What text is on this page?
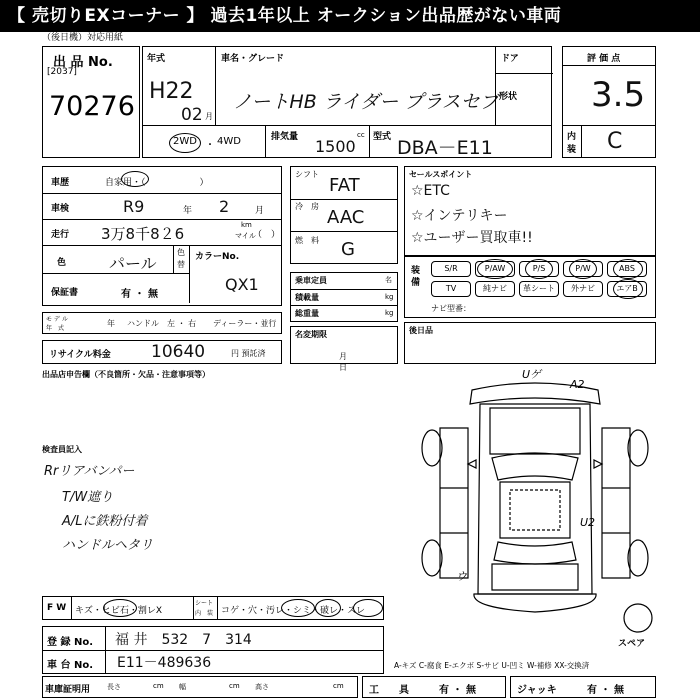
【 売切りEXコーナー 】 過去1年以上 オークション出品歴がない車両
（後日機）対応用紙
出 品 No.
[2037]
70276
年式
H22
02 月
車名・グレード
ノートHB ライダー プラスセブ
ドア
形状
2WD ・ 4WD	排気量 1500
cc 型式 DBA－E11
評 価 点
3.5
内
装 C
車歴	自家用・（　　　　　　）
車検	R9	年 2	月
走行 3万8千8２6	km
マイル
（　）
色	パール
色
替
カラーNo.
QX1
保証書	有 ・ 無
モ デ ル
年　式
年 ハンドル　左 ・ 右 ディーラー・並行
リサイクル料金 10640	円 預託済
シフト
FAT
冷　房
AAC
燃　料 G
乗車定員	名
積載量	kg
総重量	kg
名変期限
月日
セールスポイント
☆ETC
☆インテリキー
☆ユーザー買取車!!
装備
S/R	P/AW	P/S	P/W	ABS
TV	純ナビ	革シート	外ナビ	エアB
ナビ型番：
後日品
出品店申告欄（不良箇所・欠品・注意事項等）
検査員記入
Rrリアバンパー
T/W遮り
A/Lに鉄粉付着
ハンドルヘタリ
Uゲ
A2
U2
ウ
スペア
F W キズ・ヒビ石・割レX
シート
内　装 コゲ・穴・汚レ・シミ・破レ・スレ
登 録 No. 福 井　532　7　314
車 台 No. E11－489636	A-キズ C-腐食 E-エクボ S-サビ U-凹ミ W-補修 XX-交換済
車庫証明用 長さ	幅	高さ
cm	cm	cm	工　　具	有 ・ 無	ジャッキ	有 ・ 無
